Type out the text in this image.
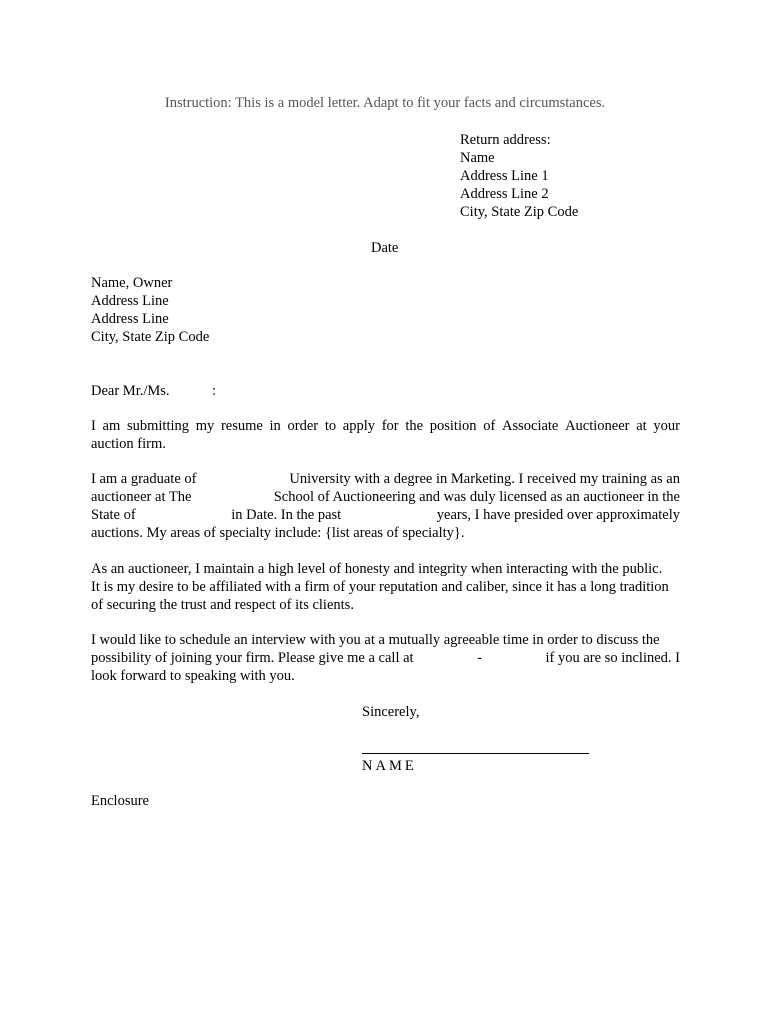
Instruction: This is a model letter. Adapt to fit your facts and circumstances.
Return address:
Name
Address Line 1
Address Line 2
City, State Zip Code
Date
Name, Owner
Address Line
Address Line
City, State Zip Code
Dear Mr./Ms.	:
I am submitting my resume in order to apply for the position of Associate Auctioneer at your
auction firm.
I am a graduate of	University with a degree in Marketing. I received my training as an
auctioneer at The	School of Auctioneering and was duly licensed as an auctioneer in the
State of	in Date. In the past	years, I have presided over approximately
auctions. My areas of specialty include: {list areas of specialty}.
As an auctioneer, I maintain a high level of honesty and integrity when interacting with the public.
It is my desire to be affiliated with a firm of your reputation and caliber, since it has a long tradition
of securing the trust and respect of its clients.
I would like to schedule an interview with you at a mutually agreeable time in order to discuss the
possibility of joining your firm. Please give me a call at	-	if you are so inclined. I
look forward to speaking with you.
Sincerely,
NAME
Enclosure
